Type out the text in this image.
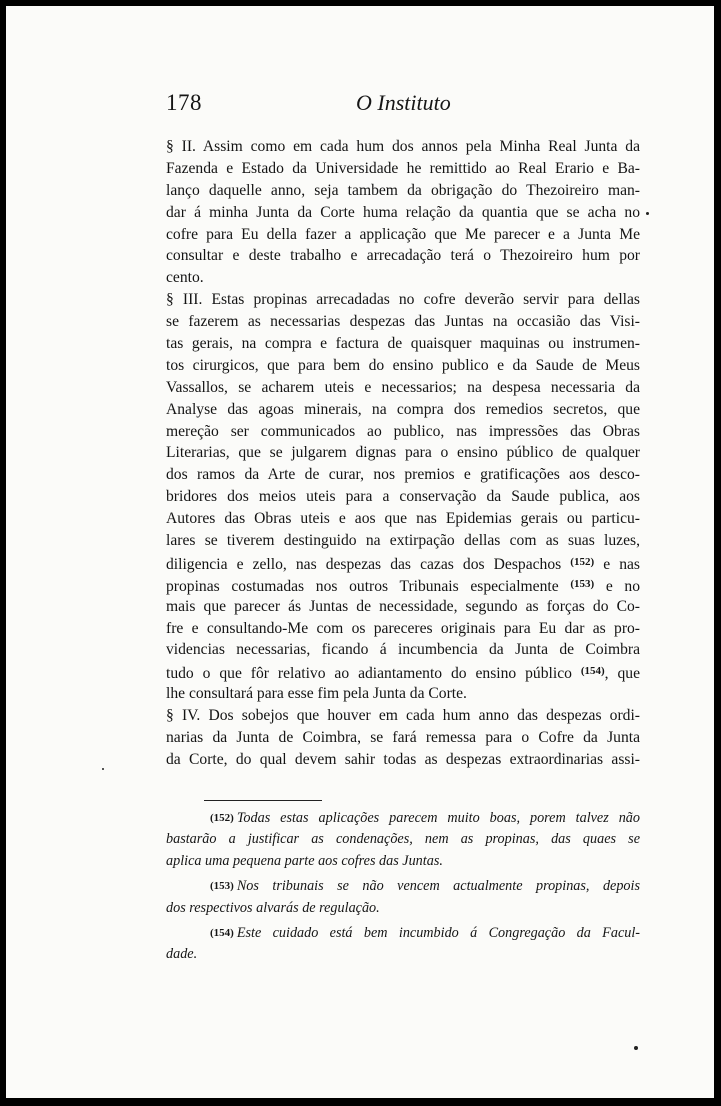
178	O Instituto
§ II. Assim como em cada hum dos annos pela Minha Real Junta da
Fazenda e Estado da Universidade he remittido ao Real Erario e Ba-
lanço daquelle anno, seja tambem da obrigação do Thezoireiro man-
dar á minha Junta da Corte huma relação da quantia que se acha no
cofre para Eu della fazer a applicação que Me parecer e a Junta Me
consultar e deste trabalho e arrecadação terá o Thezoireiro hum por
cento.
§ III. Estas propinas arrecadadas no cofre deverão servir para dellas
se fazerem as necessarias despezas das Juntas na occasião das Visi-
tas gerais, na compra e factura de quaisquer maquinas ou instrumen-
tos cirurgicos, que para bem do ensino publico e da Saude de Meus
Vassallos, se acharem uteis e necessarios; na despesa necessaria da
Analyse das agoas minerais, na compra dos remedios secretos, que
mereção ser communicados ao publico, nas impressões das Obras
Literarias, que se julgarem dignas para o ensino público de qualquer
dos ramos da Arte de curar, nos premios e gratificações aos desco-
bridores dos meios uteis para a conservação da Saude publica, aos
Autores das Obras uteis e aos que nas Epidemias gerais ou particu-
lares se tiverem destinguido na extirpação dellas com as suas luzes,
diligencia e zello, nas despezas das cazas dos Despachos $^{(152)}$ e nas
propinas costumadas nos outros Tribunais especialmente $^{(153)}$ e no
mais que parecer ás Juntas de necessidade, segundo as forças do Co-
fre e consultando-Me com os pareceres originais para Eu dar as pro-
videncias necessarias, ficando á incumbencia da Junta de Coimbra
tudo o que fôr relativo ao adiantamento do ensino público $^{(154)}$, que
lhe consultará para esse fim pela Junta da Corte.
§ IV. Dos sobejos que houver em cada hum anno das despezas ordi-
narias da Junta de Coimbra, se fará remessa para o Cofre da Junta
da Corte, do qual devem sahir todas as despezas extraordinarias assi-
(152) Todas estas aplicações parecem muito boas, porem talvez não
bastarão a justificar as condenações, nem as propinas, das quaes se
aplica uma pequena parte aos cofres das Juntas.
(153) Nos tribunais se não vencem actualmente propinas, depois
dos respectivos alvarás de regulação.
(154) Este cuidado está bem incumbido á Congregação da Facul-
dade.
